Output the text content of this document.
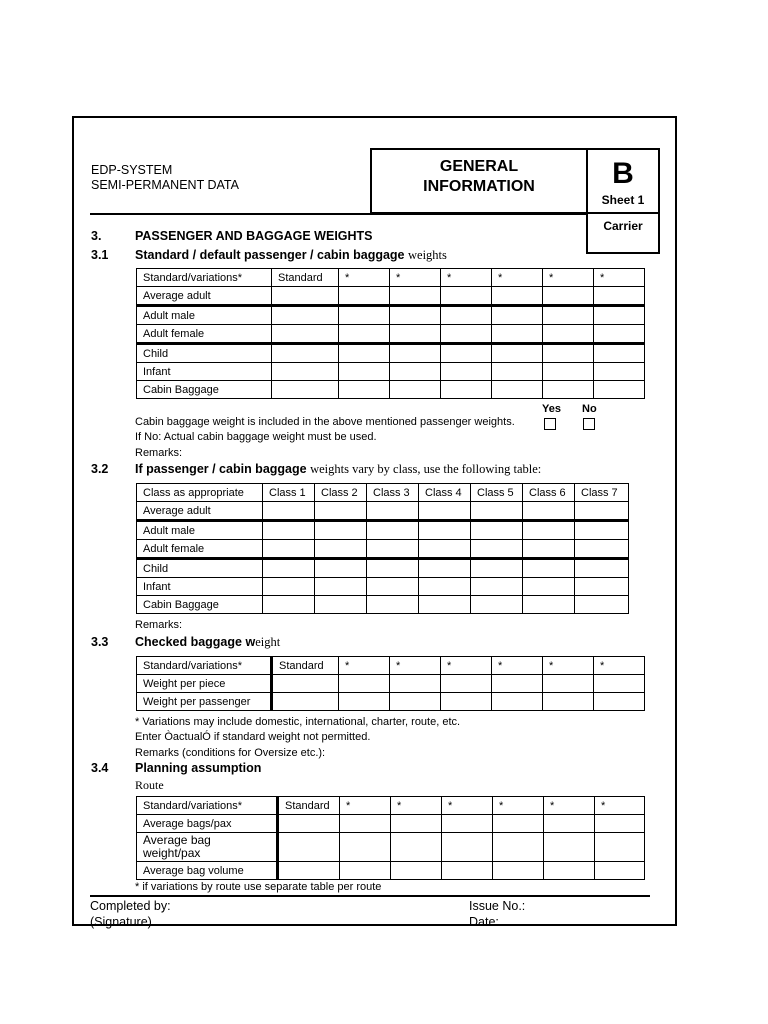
EDP-SYSTEM
SEMI-PERMANENT DATA
GENERAL
INFORMATION	B
Sheet 1
Carrier
3.	PASSENGER AND BAGGAGE WEIGHTS
3.1 Standard / default passenger / cabin baggage weights
Standard/variations*	Standard	*	*	*	*	*	*
Average adult							
Adult male							
Adult female							
Child							
Infant							
Cabin Baggage							
Yes No
Cabin baggage weight is included in the above mentioned passenger weights.
If No: Actual cabin baggage weight must be used.
Remarks:
3.2 If passenger / cabin baggage weights vary by class, use the following table:
Class as appropriate	Class 1	Class 2	Class 3	Class 4	Class 5	Class 6	Class 7
Average adult							
Adult male							
Adult female							
Child							
Infant							
Cabin Baggage							
Remarks:
3.3 Checked baggage weight
Standard/variations*	Standard	*	*	*	*	*	*
Weight per piece							
Weight per passenger							
* Variations may include domestic, international, charter, route, etc.
Enter ÒactualÓ if standard weight not permitted.
Remarks (conditions for Oversize etc.):
3.4 Planning assumption
Route
Standard/variations*	Standard	*	*	*	*	*	*
Average bags/pax							
Average bag weight/pax							
Average bag volume							
* if variations by route use separate table per route
Completed by:
(Signature)
Issue No.:
Date:
